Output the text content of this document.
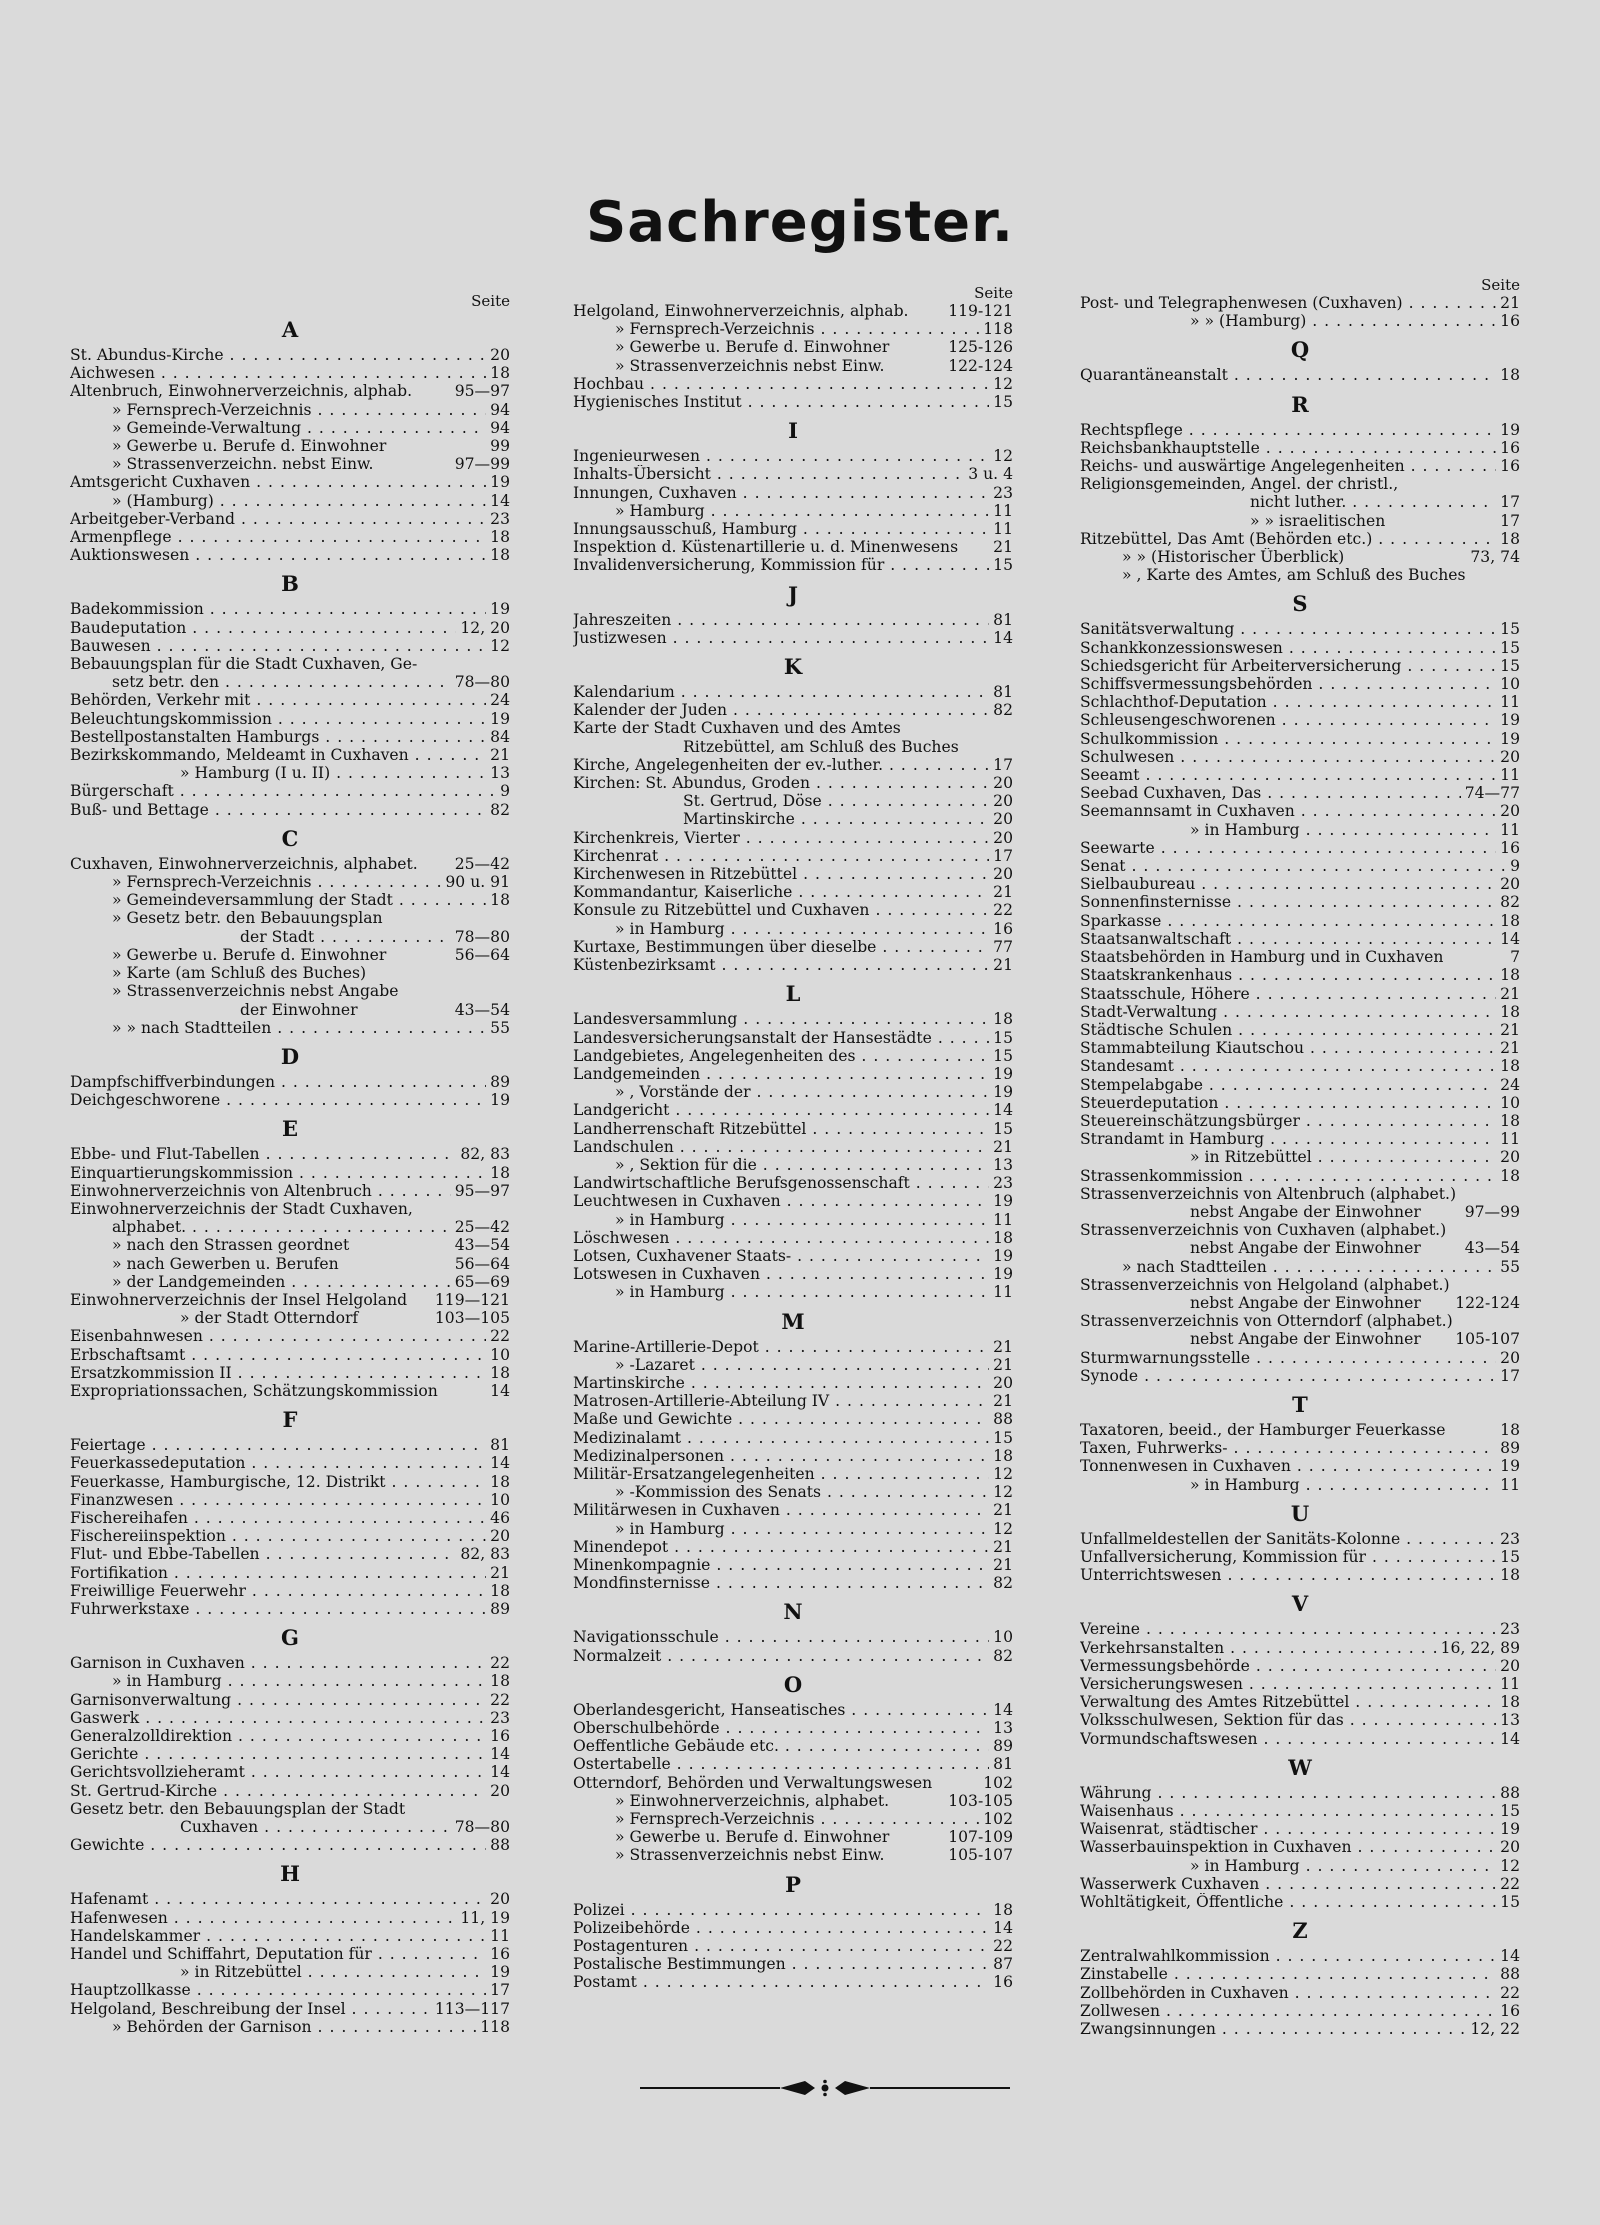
Sachregister.
Seite
A
St. Abundus-Kirche . . .	20
Aichwesen . . .	18
Altenbruch, Einwohnerverzeichnis, alphab.	95—97
» Fernsprech-Verzeichnis . . .	94
» Gemeinde-Verwaltung . . .	94
» Gewerbe u. Berufe d. Einwohner	99
» Strassenverzeichn. nebst Einw.	97—99
Amtsgericht Cuxhaven . . .	19
» (Hamburg) . . .	14
Arbeitgeber-Verband . . .	23
Armenpflege . . .	18
Auktionswesen . . .	18
B
Badekommission . . .	19
Baudeputation . . .	12, 20
Bauwesen . . .	12
Bebauungsplan für die Stadt Cuxhaven, Ge-
setz betr. den . . .	78—80
Behörden, Verkehr mit . . .	24
Beleuchtungskommission . . .	19
Bestellpostanstalten Hamburgs . . .	84
Bezirkskommando, Meldeamt in Cuxhaven . . .	21
» Hamburg (I u. II) . . .	13
Bürgerschaft . . .	9
Buß- und Bettage . . .	82
C
Cuxhaven, Einwohnerverzeichnis, alphabet.	25—42
» Fernsprech-Verzeichnis . . .	90 u. 91
» Gemeindeversammlung der Stadt . . .	18
» Gesetz betr. den Bebauungsplan
der Stadt . . .	78—80
» Gewerbe u. Berufe d. Einwohner	56—64
» Karte (am Schluß des Buches)
» Strassenverzeichnis nebst Angabe
der Einwohner	43—54
» » nach Stadtteilen . . .	55
D
Dampfschiffverbindungen . . .	89
Deichgeschworene . . .	19
E
Ebbe- und Flut-Tabellen . . .	82, 83
Einquartierungskommission . . .	18
Einwohnerverzeichnis von Altenbruch . . .	95—97
Einwohnerverzeichnis der Stadt Cuxhaven,
alphabet. . . .	25—42
» nach den Strassen geordnet	43—54
» nach Gewerben u. Berufen	56—64
» der Landgemeinden . . .	65—69
Einwohnerverzeichnis der Insel Helgoland	119—121
» der Stadt Otterndorf	103—105
Eisenbahnwesen . . .	22
Erbschaftsamt . . .	10
Ersatzkommission II . . .	18
Expropriationssachen, Schätzungskommission	14
F
Feiertage . . .	81
Feuerkassedeputation . . .	14
Feuerkasse, Hamburgische, 12. Distrikt . . .	18
Finanzwesen . . .	10
Fischereihafen . . .	46
Fischereiinspektion . . .	20
Flut- und Ebbe-Tabellen . . .	82, 83
Fortifikation . . .	21
Freiwillige Feuerwehr . . .	18
Fuhrwerkstaxe . . .	89
G
Garnison in Cuxhaven . . .	22
» in Hamburg . . .	18
Garnisonverwaltung . . .	22
Gaswerk . . .	23
Generalzolldirektion . . .	16
Gerichte . . .	14
Gerichtsvollzieheramt . . .	14
St. Gertrud-Kirche . . .	20
Gesetz betr. den Bebauungsplan der Stadt
Cuxhaven . . .	78—80
Gewichte . . .	88
H
Hafenamt . . .	20
Hafenwesen . . .	11, 19
Handelskammer . . .	11
Handel und Schiffahrt, Deputation für . . .	16
» in Ritzebüttel . . .	19
Hauptzollkasse . . .	17
Helgoland, Beschreibung der Insel . . .	113—117
» Behörden der Garnison . . .	118
Seite
Helgoland, Einwohnerverzeichnis, alphab.	119-121
» Fernsprech-Verzeichnis . . .	118
» Gewerbe u. Berufe d. Einwohner	125-126
» Strassenverzeichnis nebst Einw.	122-124
Hochbau . . .	12
Hygienisches Institut . . .	15
I
Ingenieurwesen . . .	12
Inhalts-Übersicht . . .	3 u. 4
Innungen, Cuxhaven . . .	23
» Hamburg . . .	11
Innungsausschuß, Hamburg . . .	11
Inspektion d. Küstenartillerie u. d. Minenwesens	21
Invalidenversicherung, Kommission für . . .	15
J
Jahreszeiten . . .	81
Justizwesen . . .	14
K
Kalendarium . . .	81
Kalender der Juden . . .	82
Karte der Stadt Cuxhaven und des Amtes
Ritzebüttel, am Schluß des Buches
Kirche, Angelegenheiten der ev.-luther. . . .	17
Kirchen: St. Abundus, Groden . . .	20
St. Gertrud, Döse . . .	20
Martinskirche . . .	20
Kirchenkreis, Vierter . . .	20
Kirchenrat . . .	17
Kirchenwesen in Ritzebüttel . . .	20
Kommandantur, Kaiserliche . . .	21
Konsule zu Ritzebüttel und Cuxhaven . . .	22
» in Hamburg . . .	16
Kurtaxe, Bestimmungen über dieselbe . . .	77
Küstenbezirksamt . . .	21
L
Landesversammlung . . .	18
Landesversicherungsanstalt der Hansestädte . . .	15
Landgebietes, Angelegenheiten des . . .	15
Landgemeinden . . .	19
» , Vorstände der . . .	19
Landgericht . . .	14
Landherrenschaft Ritzebüttel . . .	15
Landschulen . . .	21
» , Sektion für die . . .	13
Landwirtschaftliche Berufsgenossenschaft . . .	23
Leuchtwesen in Cuxhaven . . .	19
» in Hamburg . . .	11
Löschwesen . . .	18
Lotsen, Cuxhavener Staats- . . .	19
Lotswesen in Cuxhaven . . .	19
» in Hamburg . . .	11
M
Marine-Artillerie-Depot . . .	21
» -Lazaret . . .	21
Martinskirche . . .	20
Matrosen-Artillerie-Abteilung IV . . .	21
Maße und Gewichte . . .	88
Medizinalamt . . .	15
Medizinalpersonen . . .	18
Militär-Ersatzangelegenheiten . . .	12
» -Kommission des Senats . . .	12
Militärwesen in Cuxhaven . . .	21
» in Hamburg . . .	12
Minendepot . . .	21
Minenkompagnie . . .	21
Mondfinsternisse . . .	82
N
Navigationsschule . . .	10
Normalzeit . . .	82
O
Oberlandesgericht, Hanseatisches . . .	14
Oberschulbehörde . . .	13
Oeffentliche Gebäude etc. . . .	89
Ostertabelle . . .	81
Otterndorf, Behörden und Verwaltungswesen	102
» Einwohnerverzeichnis, alphabet.	103-105
» Fernsprech-Verzeichnis . . .	102
» Gewerbe u. Berufe d. Einwohner	107-109
» Strassenverzeichnis nebst Einw.	105-107
P
Polizei . . .	18
Polizeibehörde . . .	14
Postagenturen . . .	22
Postalische Bestimmungen . . .	87
Postamt . . .	16
Seite
Post- und Telegraphenwesen (Cuxhaven) . . .	21
» » (Hamburg) . . .	16
Q
Quarantäneanstalt . . .	18
R
Rechtspflege . . .	19
Reichsbankhauptstelle . . .	16
Reichs- und auswärtige Angelegenheiten . . .	16
Religionsgemeinden, Angel. der christl.,
nicht luther. . . .	17
» » israelitischen	17
Ritzebüttel, Das Amt (Behörden etc.) . . .	18
» » (Historischer Überblick)	73, 74
» , Karte des Amtes, am Schluß des Buches
S
Sanitätsverwaltung . . .	15
Schankkonzessionswesen . . .	15
Schiedsgericht für Arbeiterversicherung . . .	15
Schiffsvermessungsbehörden . . .	10
Schlachthof-Deputation . . .	11
Schleusengeschworenen . . .	19
Schulkommission . . .	19
Schulwesen . . .	20
Seeamt . . .	11
Seebad Cuxhaven, Das . . .	74—77
Seemannsamt in Cuxhaven . . .	20
» in Hamburg . . .	11
Seewarte . . .	16
Senat . . .	9
Sielbaubureau . . .	20
Sonnenfinsternisse . . .	82
Sparkasse . . .	18
Staatsanwaltschaft . . .	14
Staatsbehörden in Hamburg und in Cuxhaven	7
Staatskrankenhaus . . .	18
Staatsschule, Höhere . . .	21
Stadt-Verwaltung . . .	18
Städtische Schulen . . .	21
Stammabteilung Kiautschou . . .	21
Standesamt . . .	18
Stempelabgabe . . .	24
Steuerdeputation . . .	10
Steuereinschätzungsbürger . . .	18
Strandamt in Hamburg . . .	11
» in Ritzebüttel . . .	20
Strassenkommission . . .	18
Strassenverzeichnis von Altenbruch (alphabet.)
nebst Angabe der Einwohner	97—99
Strassenverzeichnis von Cuxhaven (alphabet.)
nebst Angabe der Einwohner	43—54
» nach Stadtteilen . . .	55
Strassenverzeichnis von Helgoland (alphabet.)
nebst Angabe der Einwohner	122-124
Strassenverzeichnis von Otterndorf (alphabet.)
nebst Angabe der Einwohner	105-107
Sturmwarnungsstelle . . .	20
Synode . . .	17
T
Taxatoren, beeid., der Hamburger Feuerkasse	18
Taxen, Fuhrwerks- . . .	89
Tonnenwesen in Cuxhaven . . .	19
» in Hamburg . . .	11
U
Unfallmeldestellen der Sanitäts-Kolonne . . .	23
Unfallversicherung, Kommission für . . .	15
Unterrichtswesen . . .	18
V
Vereine . . .	23
Verkehrsanstalten . . .	16, 22, 89
Vermessungsbehörde . . .	20
Versicherungswesen . . .	11
Verwaltung des Amtes Ritzebüttel . . .	18
Volksschulwesen, Sektion für das . . .	13
Vormundschaftswesen . . .	14
W
Währung . . .	88
Waisenhaus . . .	15
Waisenrat, städtischer . . .	19
Wasserbauinspektion in Cuxhaven . . .	20
» in Hamburg . . .	12
Wasserwerk Cuxhaven . . .	22
Wohltätigkeit, Öffentliche . . .	15
Z
Zentralwahlkommission . . .	14
Zinstabelle . . .	88
Zollbehörden in Cuxhaven . . .	22
Zollwesen . . .	16
Zwangsinnungen . . .	12, 22
